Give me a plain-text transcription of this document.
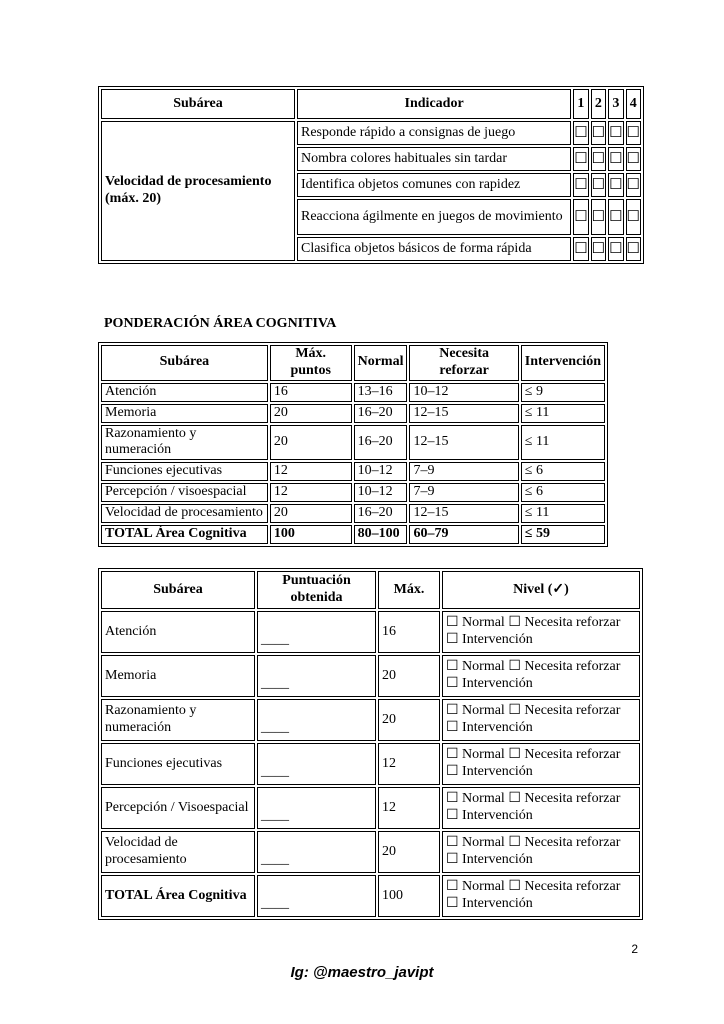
Subárea	Indicador	1	2	3	4
Velocidad de procesamiento (máx. 20)	Responde rápido a consignas de juego	☐	☐	☐	☐
	Nombra colores habituales sin tardar	☐	☐	☐	☐
	Identifica objetos comunes con rapidez	☐	☐	☐	☐
	Reacciona ágilmente en juegos de movimiento	☐	☐	☐	☐
	Clasifica objetos básicos de forma rápida	☐	☐	☐	☐
PONDERACIÓN ÁREA COGNITIVA
Subárea	Máx. puntos	Normal	Necesita reforzar	Intervención
Atención	16	13–16	10–12	≤ 9
Memoria	20	16–20	12–15	≤ 11
Razonamiento y numeración	20	16–20	12–15	≤ 11
Funciones ejecutivas	12	10–12	7–9	≤ 6
Percepción / visoespacial	12	10–12	7–9	≤ 6
Velocidad de procesamiento	20	16–20	12–15	≤ 11
TOTAL Área Cognitiva	100	80–100	60–79	≤ 59
Subárea	Puntuación obtenida	Máx.	Nivel (✓)
Atención	____	16	☐ Normal ☐ Necesita reforzar
☐ Intervención

Memoria	____	20	☐ Normal ☐ Necesita reforzar
☐ Intervención

Razonamiento y numeración	____	20	☐ Normal ☐ Necesita reforzar
☐ Intervención

Funciones ejecutivas	____	12	☐ Normal ☐ Necesita reforzar
☐ Intervención

Percepción / Visoespacial	____	12	☐ Normal ☐ Necesita reforzar
☐ Intervención

Velocidad de procesamiento	____	20	☐ Normal ☐ Necesita reforzar
☐ Intervención

TOTAL Área Cognitiva	____	100	☐ Normal ☐ Necesita reforzar
☐ Intervención
2
Ig: @maestro_javipt
